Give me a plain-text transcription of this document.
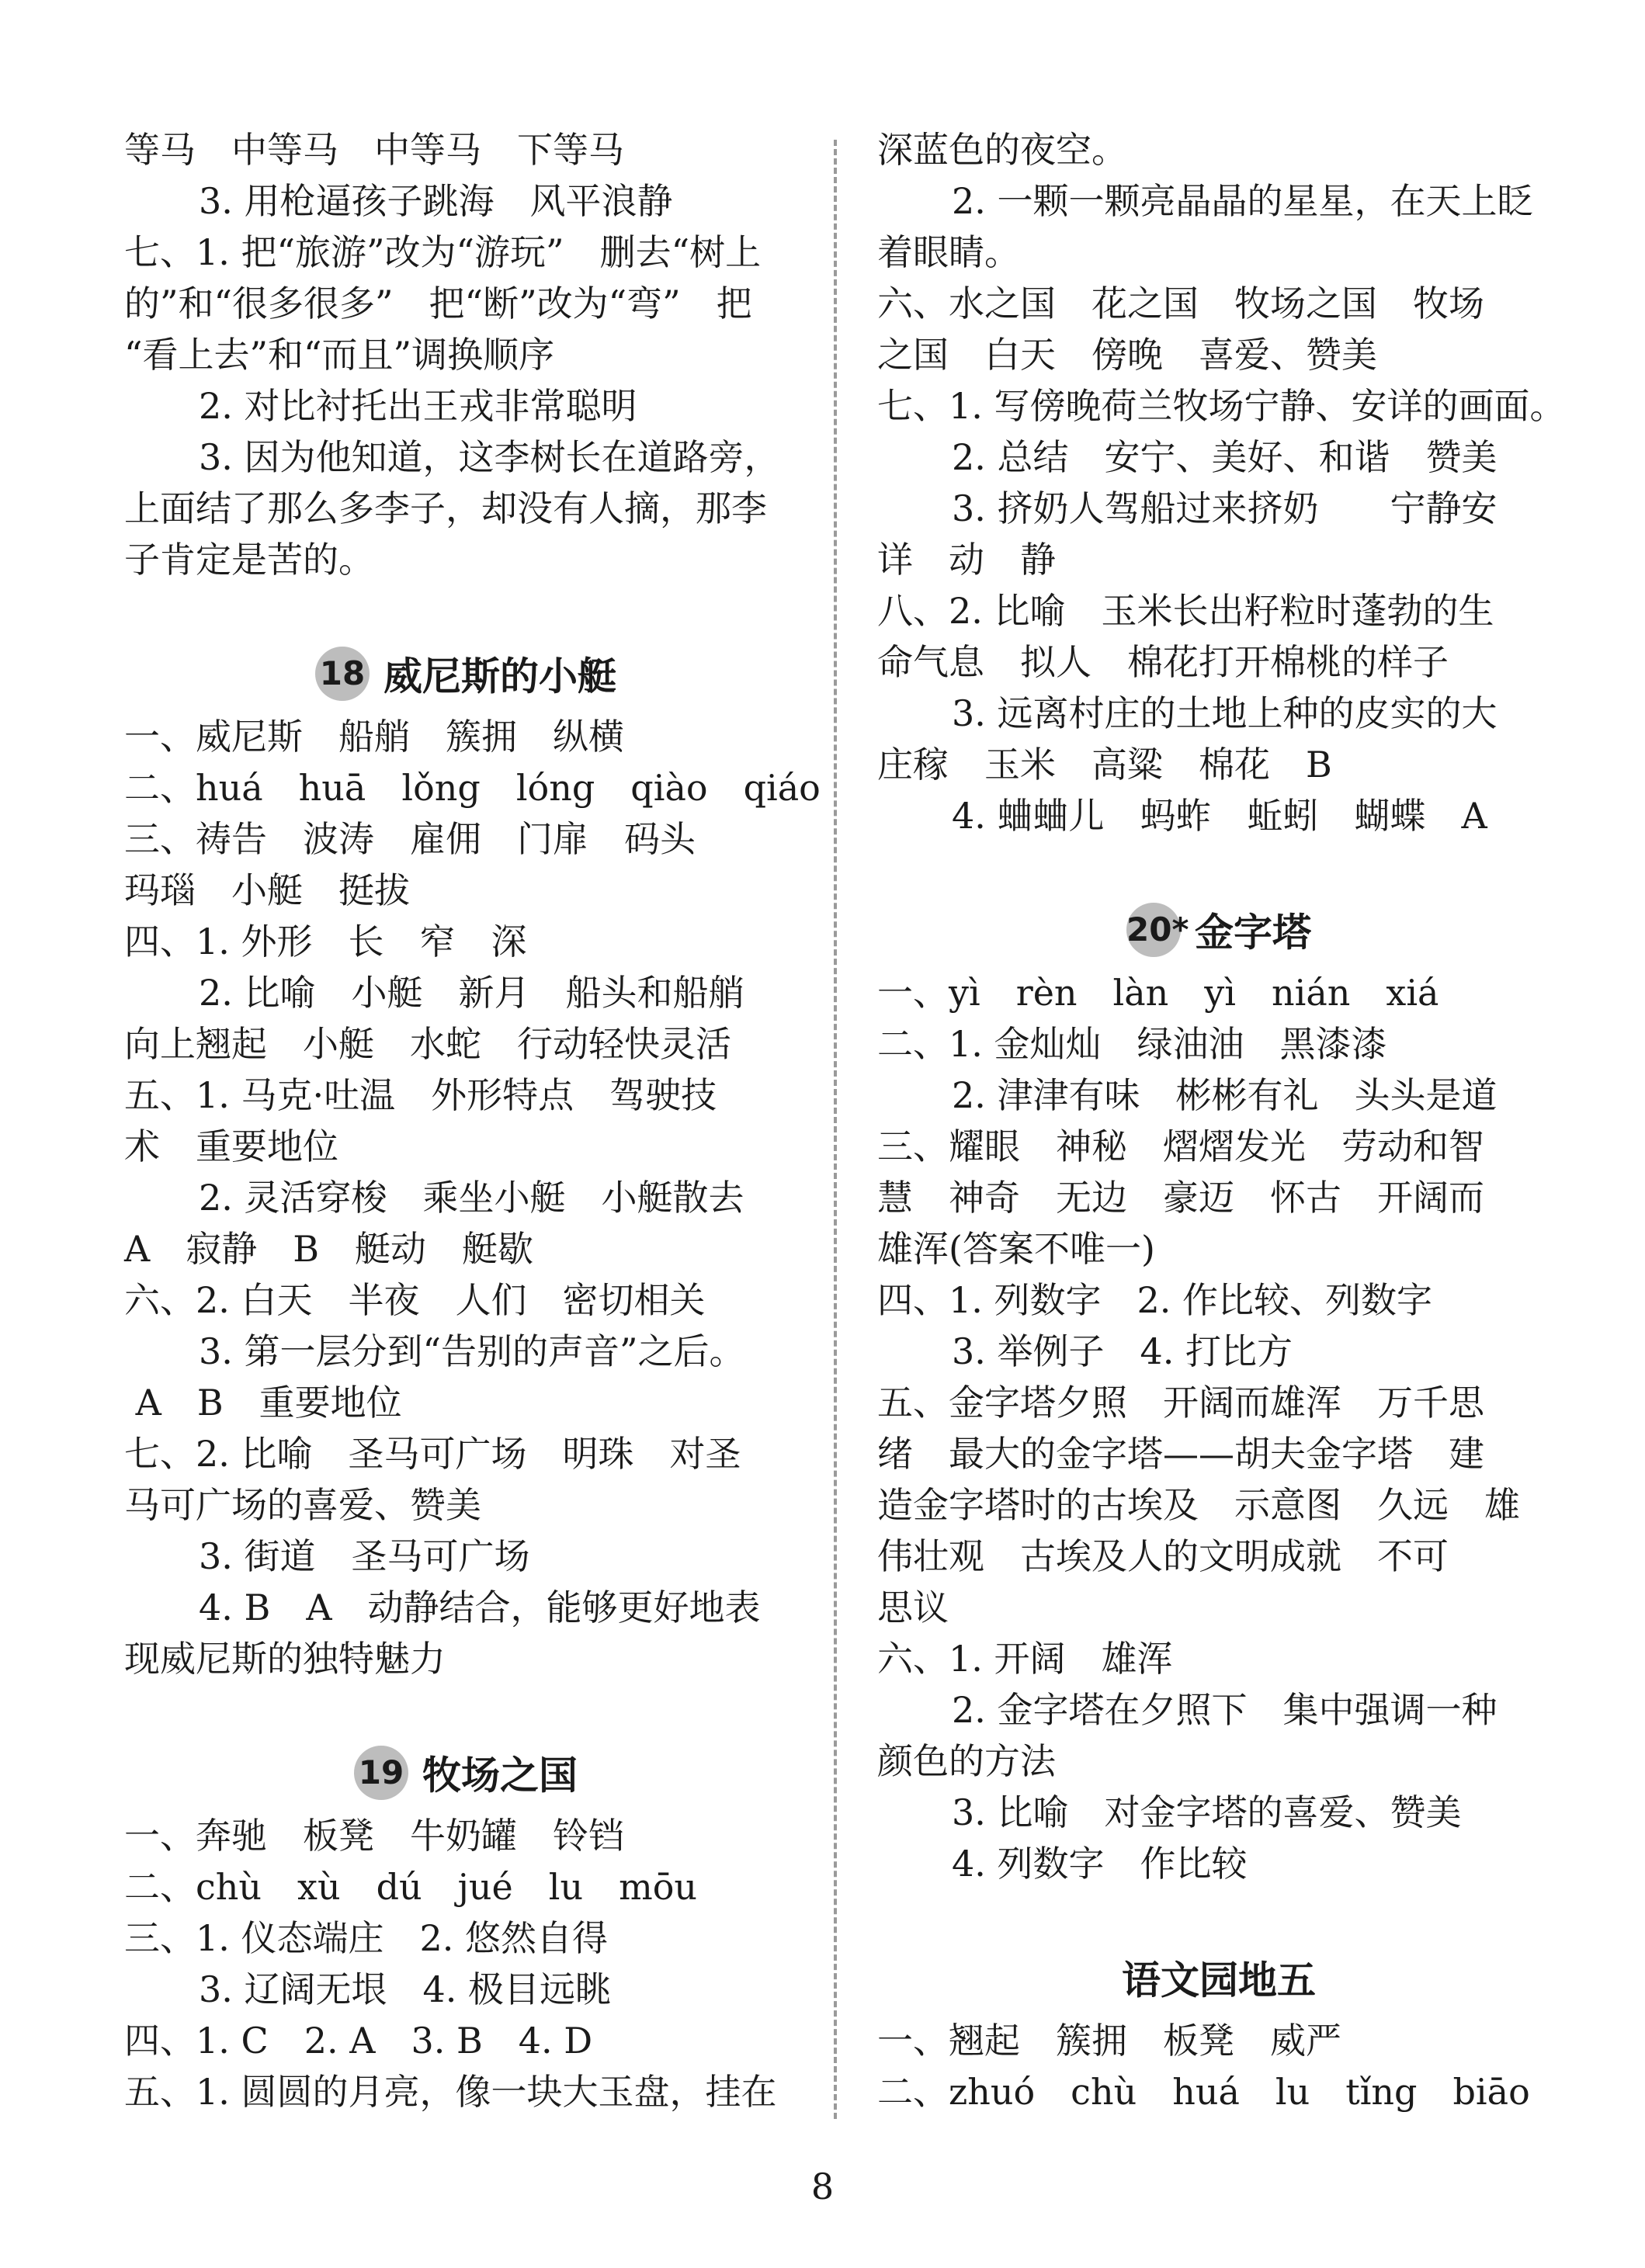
等马　中等马　中等马　下等马
3. 用枪逼孩子跳海　风平浪静
七、1. 把“旅游”改为“游玩”　删去“树上
的”和“很多很多”　把“断”改为“弯”　把
“看上去”和“而且”调换顺序
2. 对比衬托出王戎非常聪明
3. 因为他知道，这李树长在道路旁，
上面结了那么多李子，却没有人摘，那李
子肯定是苦的。
18 威尼斯的小艇
一、威尼斯　船艄　簇拥　纵横
二、huá　huā　lǒng　lóng　qiào　qiáo
三、祷告　波涛　雇佣　门扉　码头
玛瑙　小艇　挺拔
四、1. 外形　长　窄　深
2. 比喻　小艇　新月　船头和船艄
向上翘起　小艇　水蛇　行动轻快灵活
五、1. 马克·吐温　外形特点　驾驶技
术　重要地位
2. 灵活穿梭　乘坐小艇　小艇散去
A　寂静　B　艇动　艇歇
六、2. 白天　半夜　人们　密切相关
3. 第一层分到“告别的声音”之后。
A　B　重要地位
七、2. 比喻　圣马可广场　明珠　对圣
马可广场的喜爱、赞美
3. 街道　圣马可广场
4. B　A　动静结合，能够更好地表
现威尼斯的独特魅力
19 牧场之国
一、奔驰　板凳　牛奶罐　铃铛
二、chù　xù　dú　jué　lu　mōu
三、1. 仪态端庄　2. 悠然自得
3. 辽阔无垠　4. 极目远眺
四、1. C　2. A　3. B　4. D
五、1. 圆圆的月亮，像一块大玉盘，挂在
深蓝色的夜空。
2. 一颗一颗亮晶晶的星星，在天上眨
着眼睛。
六、水之国　花之国　牧场之国　牧场
之国　白天　傍晚　喜爱、赞美
七、1. 写傍晚荷兰牧场宁静、安详的画面。
2. 总结　安宁、美好、和谐　赞美
3. 挤奶人驾船过来挤奶　　宁静安
详　动　静
八、2. 比喻　玉米长出籽粒时蓬勃的生
命气息　拟人　棉花打开棉桃的样子
3. 远离村庄的土地上种的皮实的大
庄稼　玉米　高粱　棉花　B
4. 蛐蛐儿　蚂蚱　蚯蚓　蝴蝶　A
20* 金字塔
一、yì　rèn　làn　yì　nián　xiá
二、1. 金灿灿　绿油油　黑漆漆
2. 津津有味　彬彬有礼　头头是道
三、耀眼　神秘　熠熠发光　劳动和智
慧　神奇　无边　豪迈　怀古　开阔而
雄浑(答案不唯一)
四、1. 列数字　2. 作比较、列数字
3. 举例子　4. 打比方
五、金字塔夕照　开阔而雄浑　万千思
绪　最大的金字塔——胡夫金字塔　建
造金字塔时的古埃及　示意图　久远　雄
伟壮观　古埃及人的文明成就　不可
思议
六、1. 开阔　雄浑
2. 金字塔在夕照下　集中强调一种
颜色的方法
3. 比喻　对金字塔的喜爱、赞美
4. 列数字　作比较
语文园地五
一、翘起　簇拥　板凳　威严
二、zhuó　chù　huá　lu　tǐng　biāo
8
